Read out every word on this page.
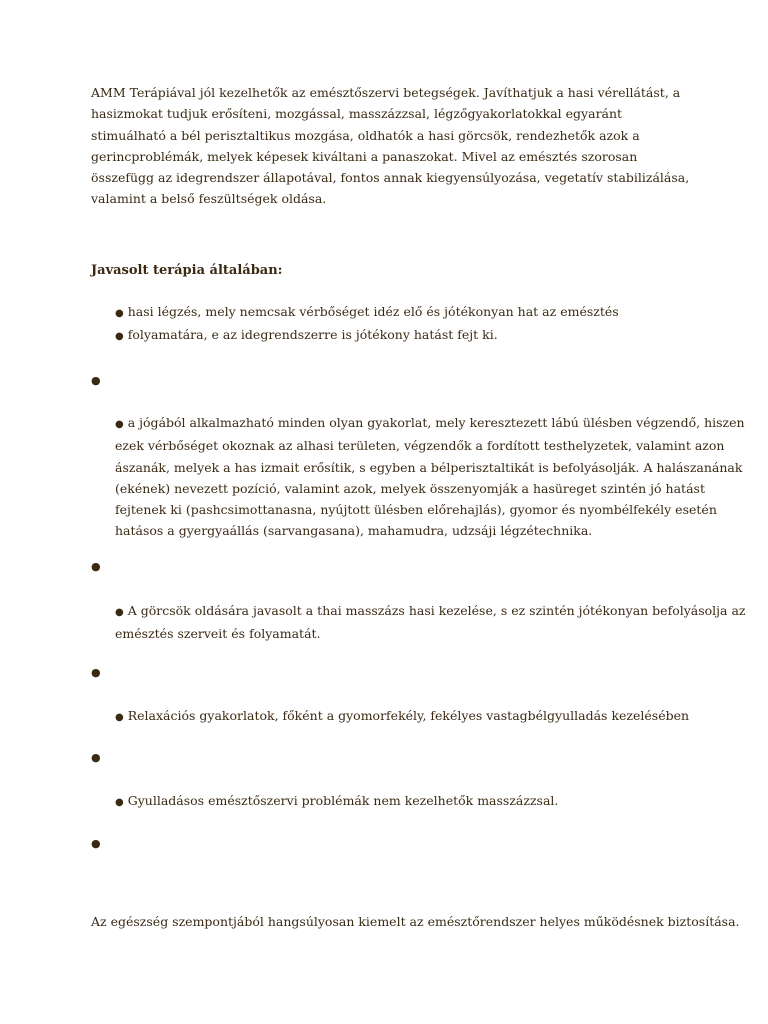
AMM Terápiával jól kezelhetők az emésztőszervi betegségek. Javíthatjuk a hasi vérellátást, a
hasizmokat tudjuk erősíteni, mozgással, masszázzsal, légzőgyakorlatokkal egyaránt
stimuálható a bél perisztaltikus mozgása, oldhatók a hasi görcsök, rendezhetők azok a
gerincproblémák, melyek képesek kiváltani a panaszokat. Mivel az emésztés szorosan
összefügg az idegrendszer állapotával, fontos annak kiegyensúlyozása, vegetatív stabilizálása,
valamint a belső feszültségek oldása.

Javasolt terápia általában:
● hasi légzés, mely nemcsak vérbőséget idéz elő és jótékonyan hat az emésztés
● folyamatára, e az idegrendszerre is jótékony hatást fejt ki.
●
● a jógából alkalmazható minden olyan gyakorlat, mely keresztezett lábú ülésben végzendő, hiszen
ezek vérbőséget okoznak az alhasi területen, végzendők a fordított testhelyzetek, valamint azon
ászanák, melyek a has izmait erősítik, s egyben a bélperisztaltikát is befolyásolják. A halászanának
(ekének) nevezett pozíció, valamint azok, melyek összenyomják a hasüreget szintén jó hatást
fejtenek ki (pashcsimottanasna, nyújtott ülésben előrehajlás), gyomor és nyombélfekély esetén
hatásos a gyergyaállás (sarvangasana), mahamudra, udzsáji légzétechnika.
●
● A görcsök oldására javasolt a thai masszázs hasi kezelése, s ez szintén jótékonyan befolyásolja az
emésztés szerveit és folyamatát.
●
● Relaxációs gyakorlatok, főként a gyomorfekély, fekélyes vastagbélgyulladás kezelésében
●
● Gyulladásos emésztőszervi problémák nem kezelhetők masszázzsal.
●

Az egészség szempontjából hangsúlyosan kiemelt az emésztőrendszer helyes működésnek biztosítása.
